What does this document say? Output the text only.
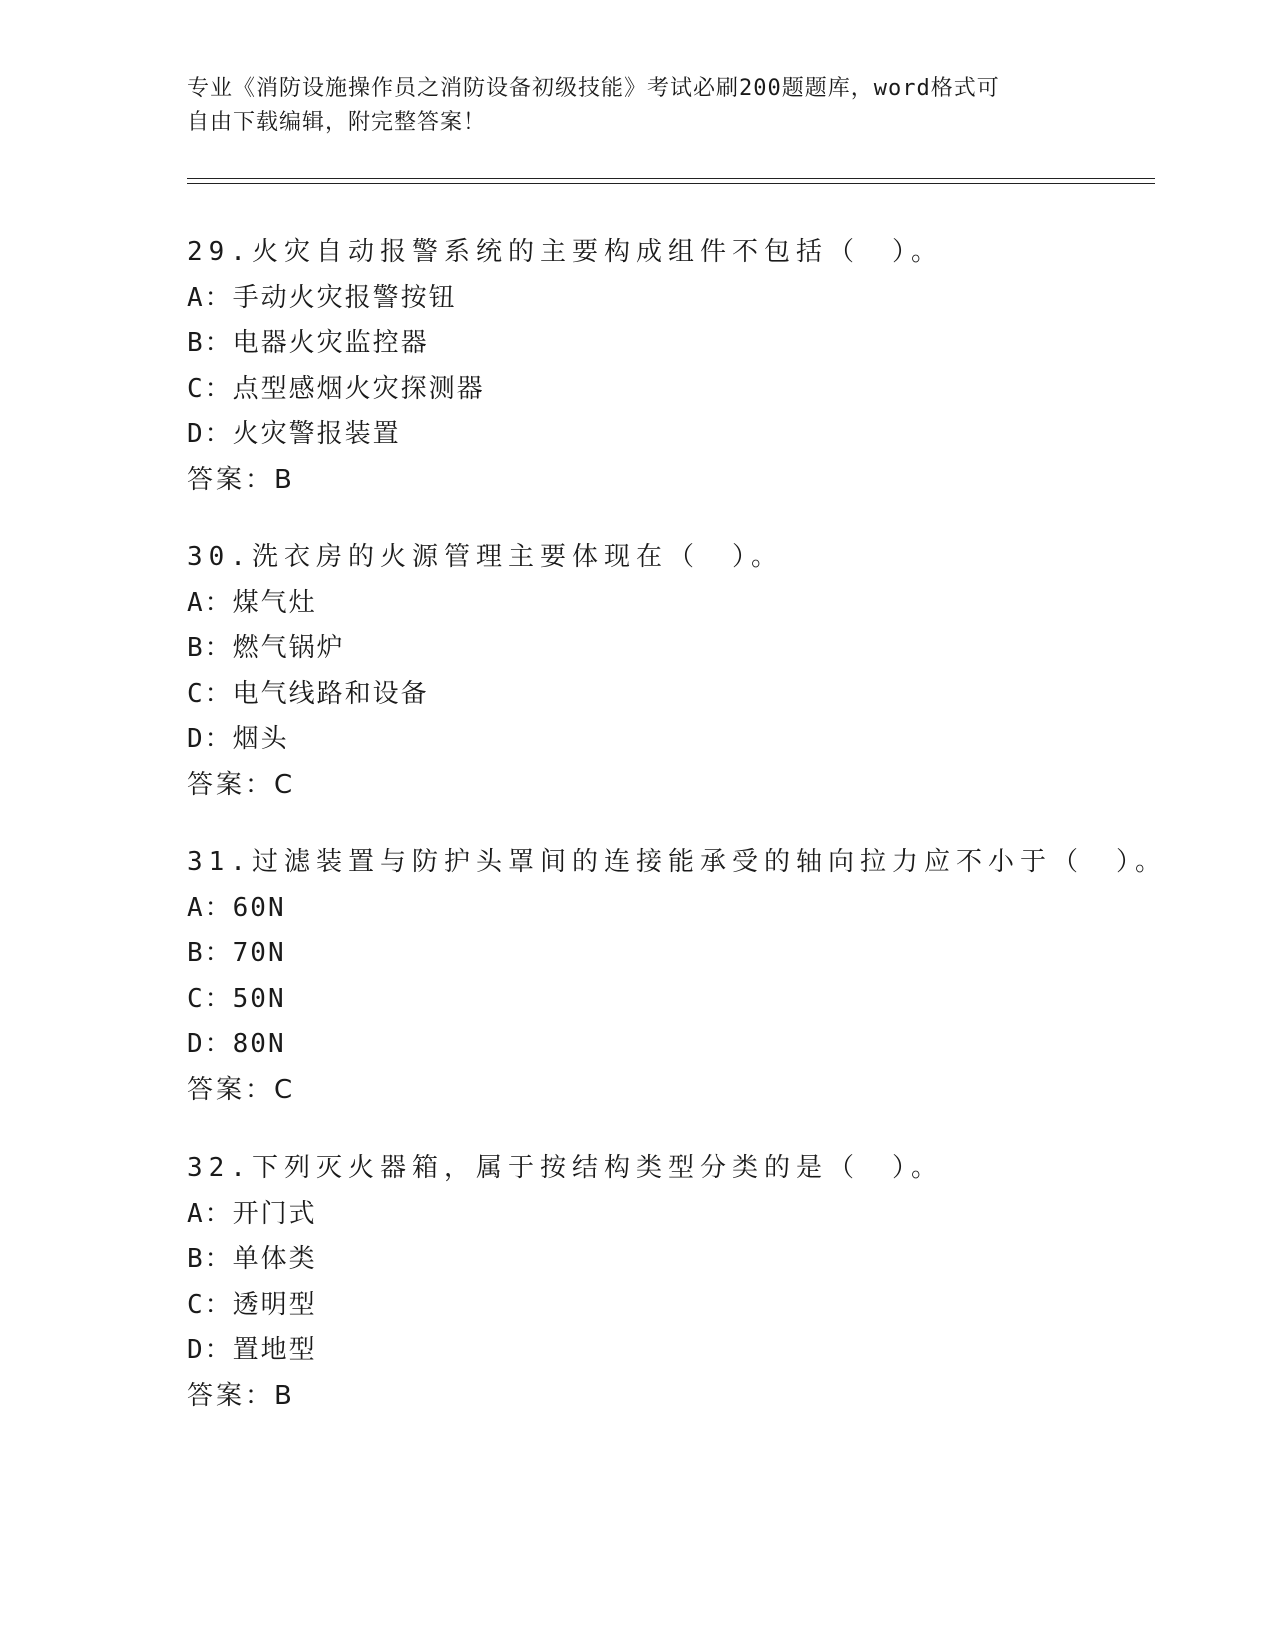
专业《消防设施操作员之消防设备初级技能》考试必刷200题题库，word格式可
自由下载编辑，附完整答案！
29.火灾自动报警系统的主要构成组件不包括（　）。
A：手动火灾报警按钮
B：电器火灾监控器
C：点型感烟火灾探测器
D：火灾警报装置
答案：B
30.洗衣房的火源管理主要体现在（　）。
A：煤气灶
B：燃气锅炉
C：电气线路和设备
D：烟头
答案：C
31.过滤装置与防护头罩间的连接能承受的轴向拉力应不小于（　）。
A：60N
B：70N
C：50N
D：80N
答案：C
32.下列灭火器箱，属于按结构类型分类的是（　）。
A：开门式
B：单体类
C：透明型
D：置地型
答案：B
